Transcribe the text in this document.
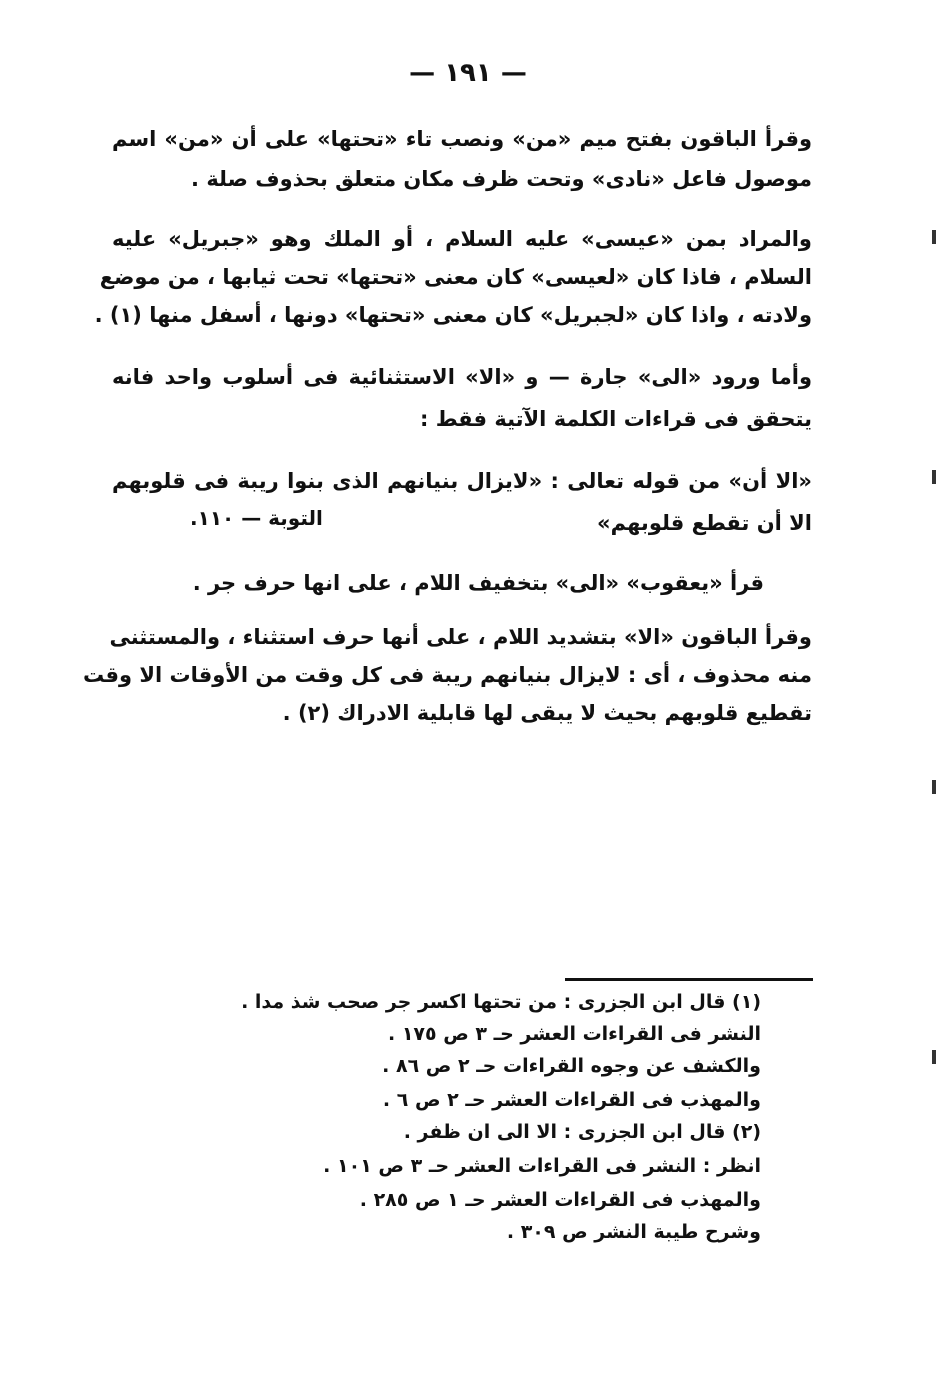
— ١٩١ —
وقرأ الباقون بفتح ميم «من» ونصب تاء «تحتها» على أن «من» اسم
موصول فاعل «نادى» وتحت ظرف مكان متعلق بحذوف صلة .
والمراد بمن «عيسى» عليه السلام ، أو الملك وهو «جبريل» عليه
السلام ، فاذا كان «لعيسى» كان معنى «تحتها» تحت ثيابها ، من موضع
ولادته ، واذا كان «لجبريل» كان معنى «تحتها» دونها ، أسفل منها (١) .
وأما ورود «الى» جارة — و «الا» الاستثنائية فى أسلوب واحد فانه
يتحقق فى قراءات الكلمة الآتية فقط :
«الا أن» من قوله تعالى : «لايزال بنيانهم الذى بنوا ريبة فى قلوبهم
الا أن تقطع قلوبهم»
التوبة — ١١٠.
قرأ «يعقوب» «الى» بتخفيف اللام ، على انها حرف جر .
وقرأ الباقون «الا» بتشديد اللام ، على أنها حرف استثناء ، والمستثنى
منه محذوف ، أى : لايزال بنيانهم ريبة فى كل وقت من الأوقات الا وقت
تقطيع قلوبهم بحيث لا يبقى لها قابلية الادراك (٢) .
(١) قال ابن الجزرى : من تحتها اكسر جر صحب شذ مدا .
النشر فى القراءات العشر حـ ٣ ص ١٧٥ .
والكشف عن وجوه القراءات حـ ٢ ص ٨٦ .
والمهذب فى القراءات العشر حـ ٢ ص ٦ .
(٢) قال ابن الجزرى : الا الى ان ظفر .
انظر : النشر فى القراءات العشر حـ ٣ ص ١٠١ .
والمهذب فى القراءات العشر حـ ١ ص ٢٨٥ .
وشرح طيبة النشر ص ٣٠٩ .
